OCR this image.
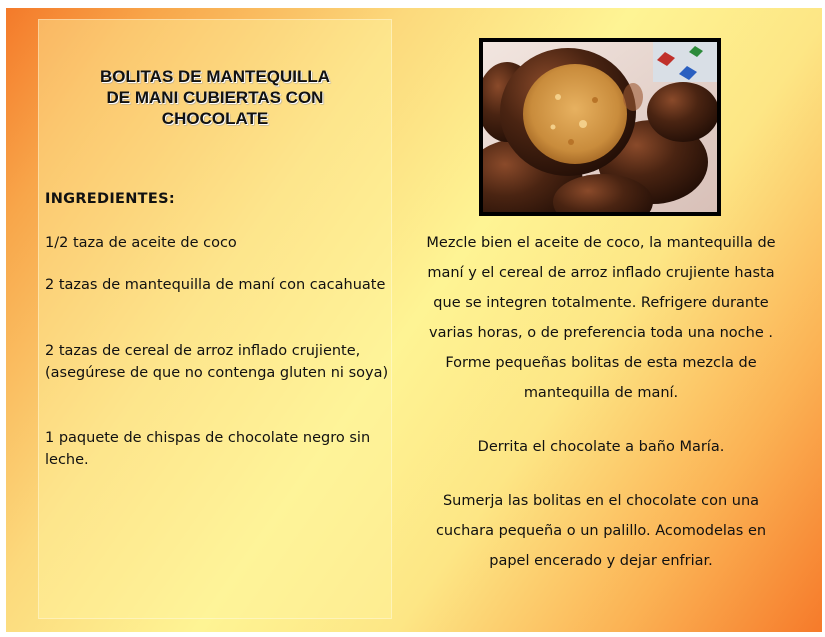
BOLITAS DE MANTEQUILLA
DE MANI CUBIERTAS CON
CHOCOLATE

INGREDIENTES:

1/2 taza de aceite de coco

2 tazas de mantequilla de maní con cacahuate

2 tazas de cereal de arroz inflado crujiente, (asegúrese de que no contenga gluten ni soya)

1 paquete de chispas de chocolate negro sin leche.

Mezcle bien el aceite de coco, la mantequilla de maní y el cereal de arroz inflado crujiente hasta que se integren totalmente. Refrigere durante varias horas, o de preferencia toda una noche . Forme pequeñas bolitas de esta mezcla de mantequilla de maní.

Derrita el chocolate a baño María.

Sumerja las bolitas en el chocolate con una cuchara pequeña o un palillo. Acomodelas en papel encerado y dejar enfriar.
